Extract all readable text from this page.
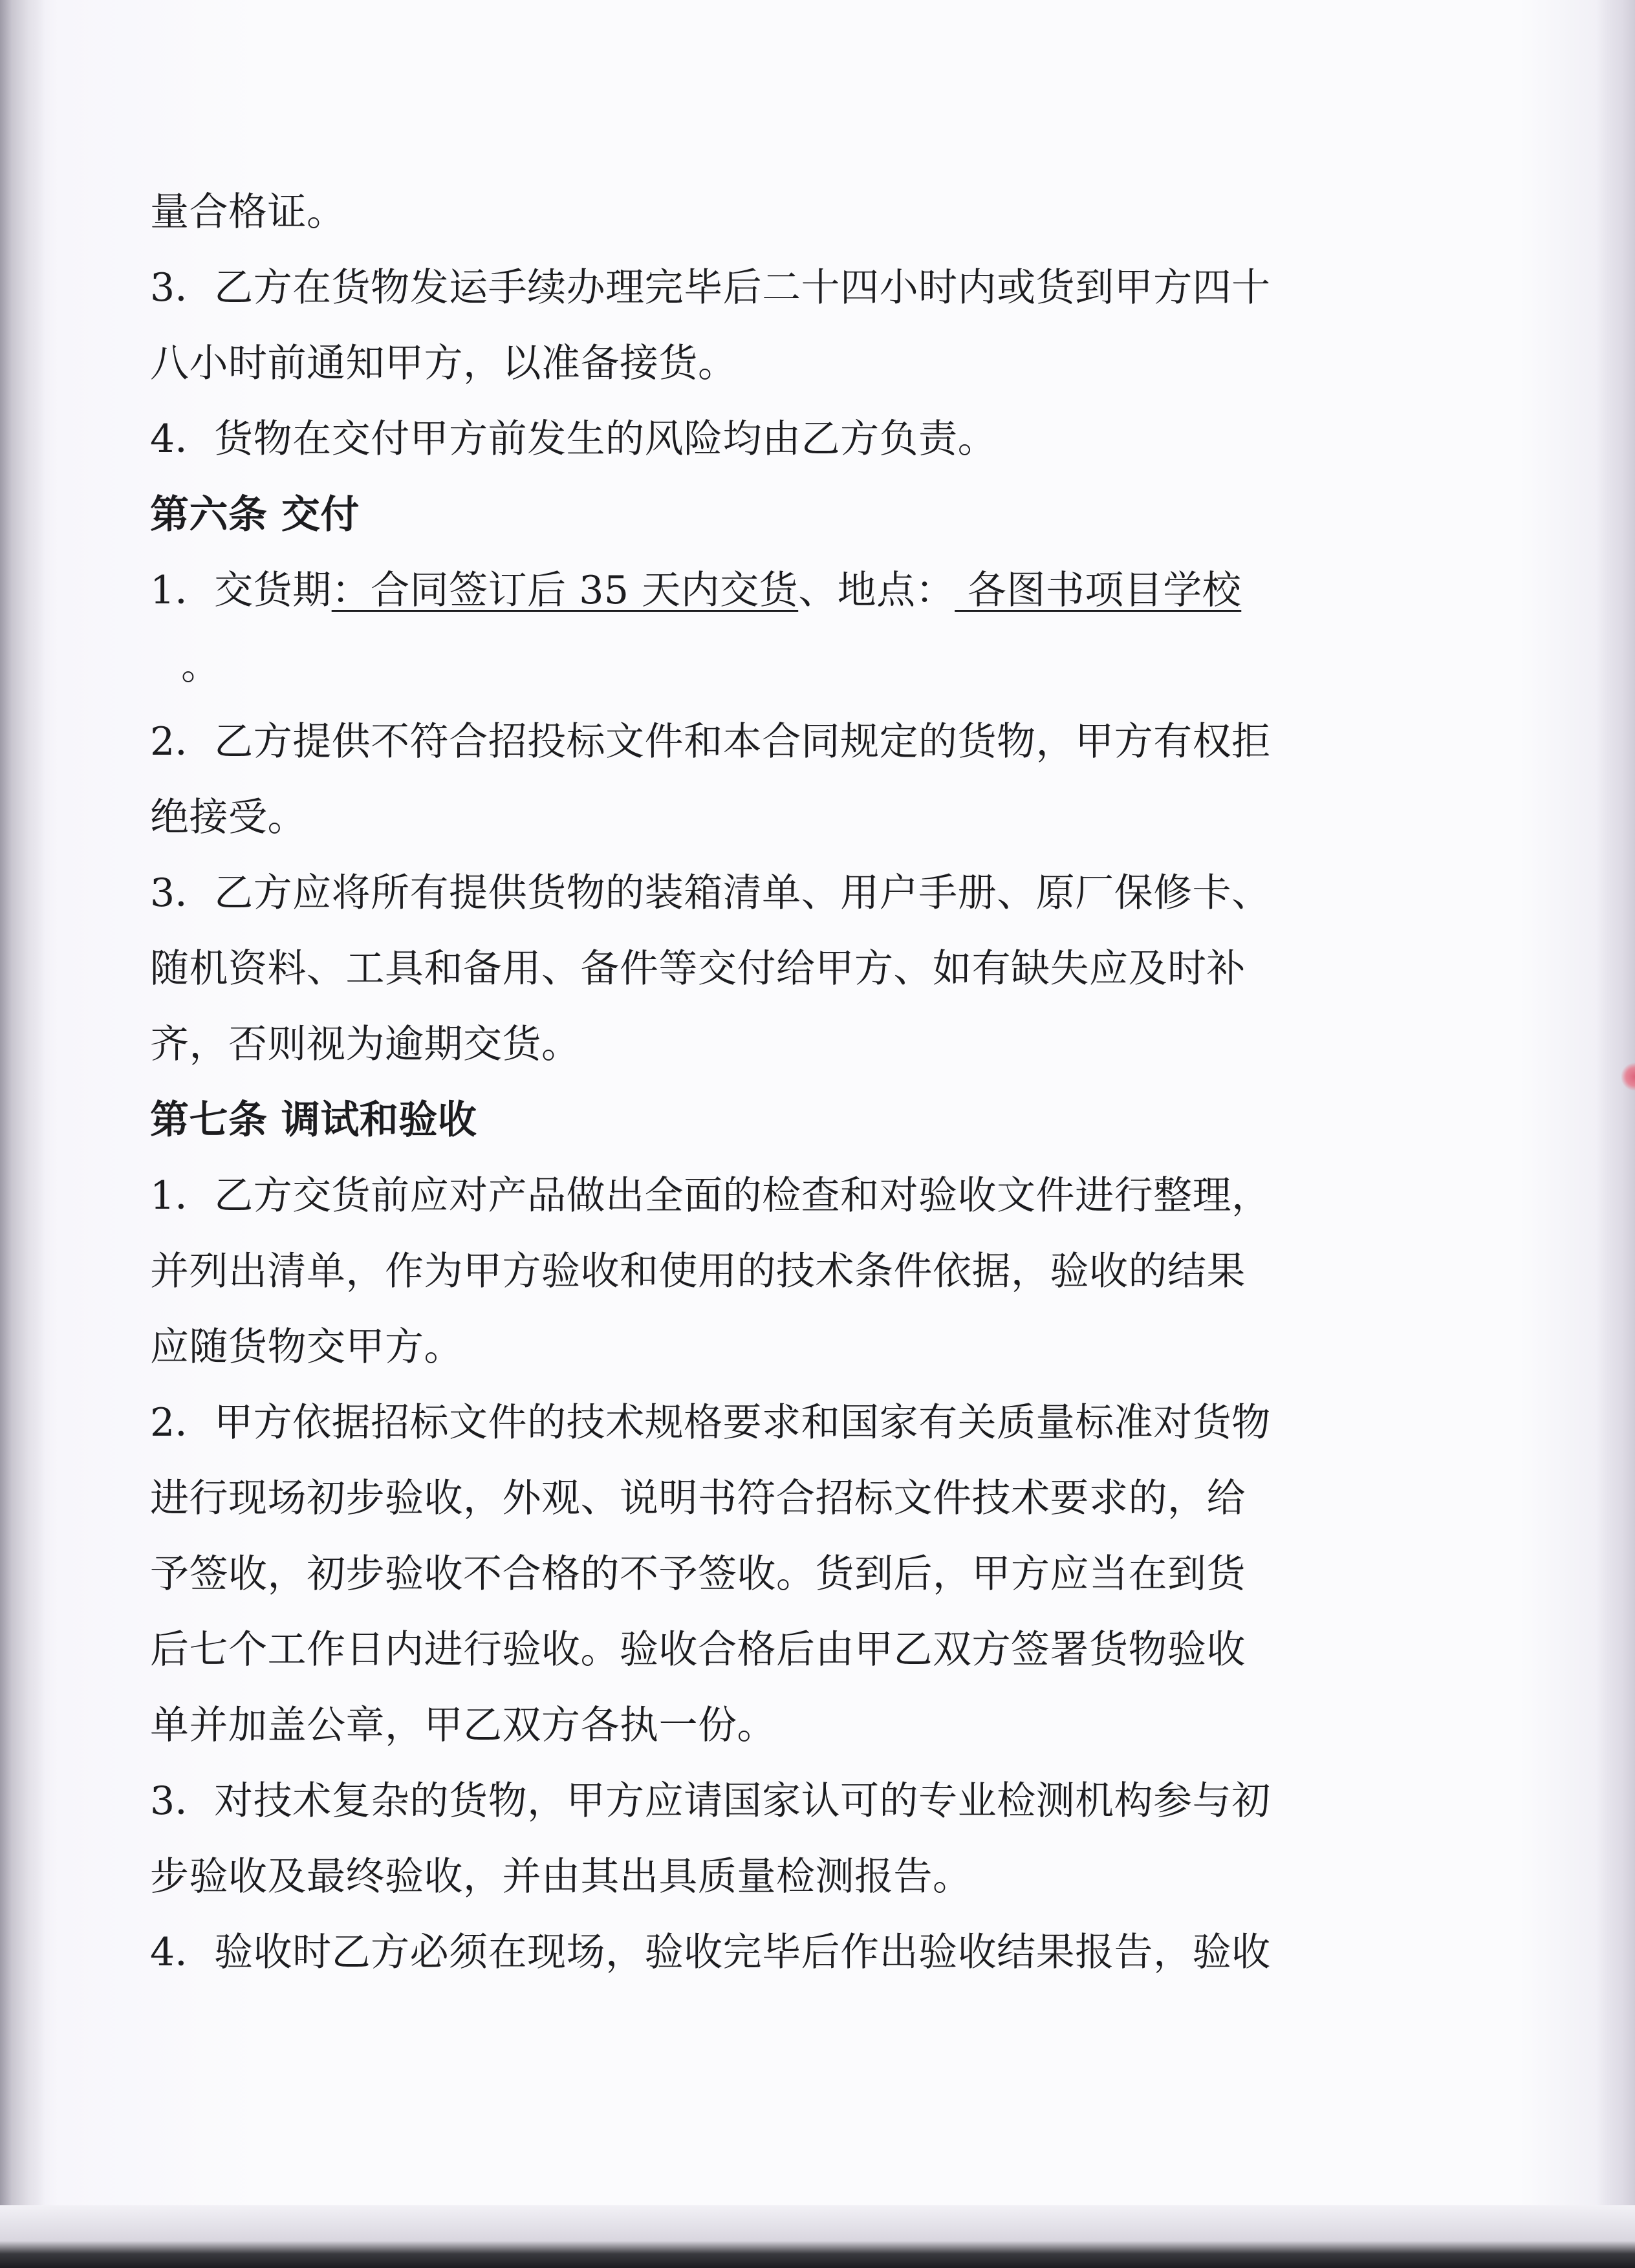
量合格证。
3．乙方在货物发运手续办理完毕后二十四小时内或货到甲方四十
八小时前通知甲方，以准备接货。
4．货物在交付甲方前发生的风险均由乙方负责。
第六条 交付
1．交货期：合同签订后 35 天内交货、地点： 各图书项目学校
。
2．乙方提供不符合招投标文件和本合同规定的货物，甲方有权拒
绝接受。
3．乙方应将所有提供货物的装箱清单、用户手册、原厂保修卡、
随机资料、工具和备用、备件等交付给甲方、如有缺失应及时补
齐，否则视为逾期交货。
第七条 调试和验收
1．乙方交货前应对产品做出全面的检查和对验收文件进行整理，
并列出清单，作为甲方验收和使用的技术条件依据，验收的结果
应随货物交甲方。
2．甲方依据招标文件的技术规格要求和国家有关质量标准对货物
进行现场初步验收，外观、说明书符合招标文件技术要求的，给
予签收，初步验收不合格的不予签收。货到后，甲方应当在到货
后七个工作日内进行验收。验收合格后由甲乙双方签署货物验收
单并加盖公章，甲乙双方各执一份。
3．对技术复杂的货物，甲方应请国家认可的专业检测机构参与初
步验收及最终验收，并由其出具质量检测报告。
4．验收时乙方必须在现场，验收完毕后作出验收结果报告，验收
